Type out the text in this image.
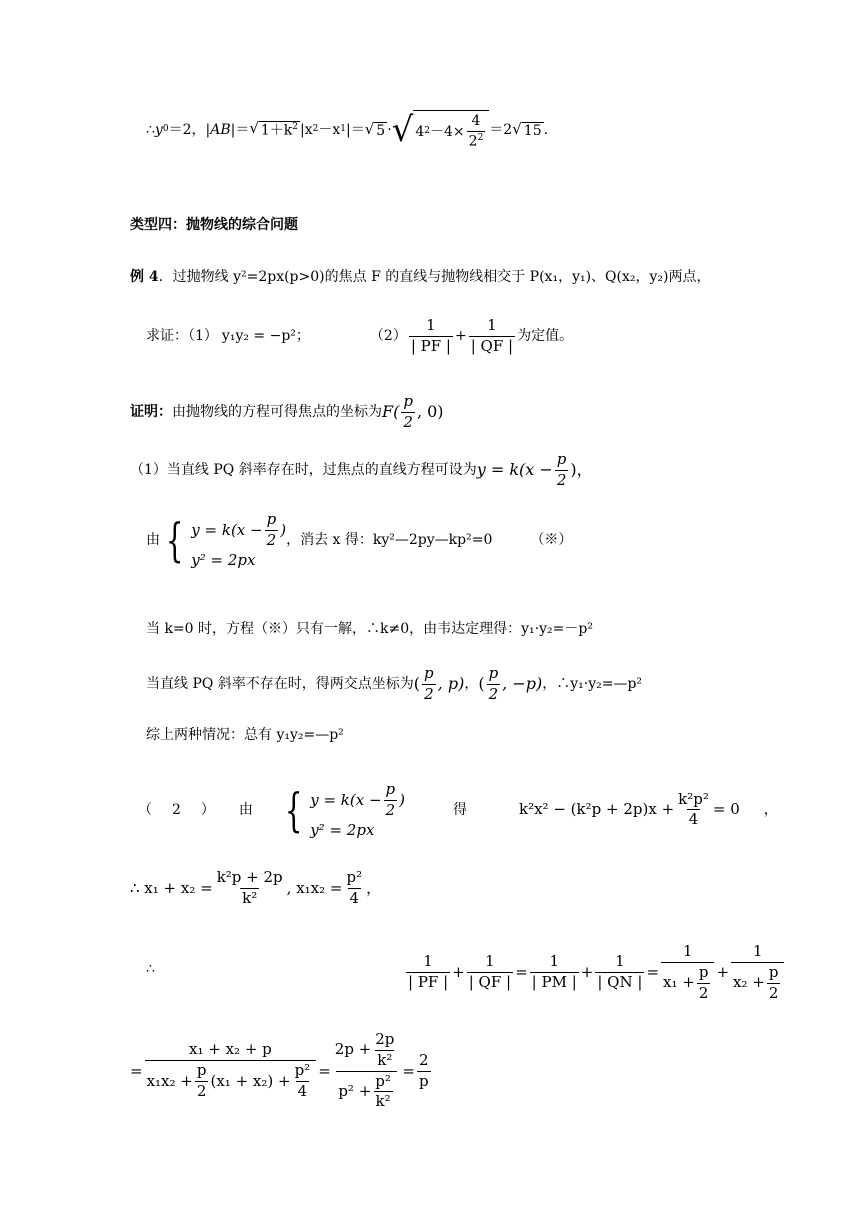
∴ y 0 ＝2，| AB |＝ √ $1+k^2$ |x 2 －x 1 |＝ √ 5 · √ 4 $2 -4\times \frac{4}{2^2} =2$ √ 15 .
类型四：抛物线的综合问题
例 4 ．过抛物线 y²=2px(p>0)的焦点 F 的直线与抛物线相交于 P(x₁，y₁)、Q(x₂，y₂)两点，
求证：（1） y₁y₂ = −p² ；	$(2) \frac{1}{| PF |} + \frac{1}{| QF |}$ 为定值。
证明： 由抛物线的方程可得焦点的坐标为 $F( \frac{p}{2}$ , 0)
（1）当直线 PQ 斜率存在时，过焦点的直线方程可设为 $y = k(x - \frac{p}{2}$ )，
由 { $y = k(x - \frac{p}{2}$ )
y² = 2px
，消去 x 得：ky²—2py—kp²=0	（※）
当 k=0 时，方程（※）只有一解，∴k≠0，由韦达定理得：y₁·y₂=－p²
当直线 PQ 斜率不存在时，得两交点坐标为 ( $\frac{p}{2}$ , p) ， ( $\frac{p}{2}$ , −p) ，∴y₁·y₂=—p²
综上两种情况：总有 y₁y₂=—p²
（ 2 ） 由 { $y = k(x - \frac{p}{2}$ )
y² = 2px
得	$k^2x^2 - (k^2p + 2p)x + \frac{\text{k²p²}}{4} = 0$ ，
∴ $x_1 + x_2 = \frac{\text{k²p + 2p}}{\text{k²}}$ , $x_1x_2 = \frac{\text{p²}}{4}$ ，
∴	$\frac{1}{| PF |} + \frac{1}{| QF |} = \frac{1}{| PM |} + \frac{1}{| QN |} = \frac{1}{x_1 + \frac{p}{2}} + \frac{1}{x_2 + \frac{p}{2}}$
= $\frac{\text{x₁ + x₂ + p}}{x_1x_2 + \frac{p}{2} (x_1 + x_2) + \frac{\text{p²}}{4}} = \frac{2p + \frac{2p}{\text{k²}}}{p^2 + \frac{\text{p²}}{\text{k²}}} = \frac{2}{p}$
